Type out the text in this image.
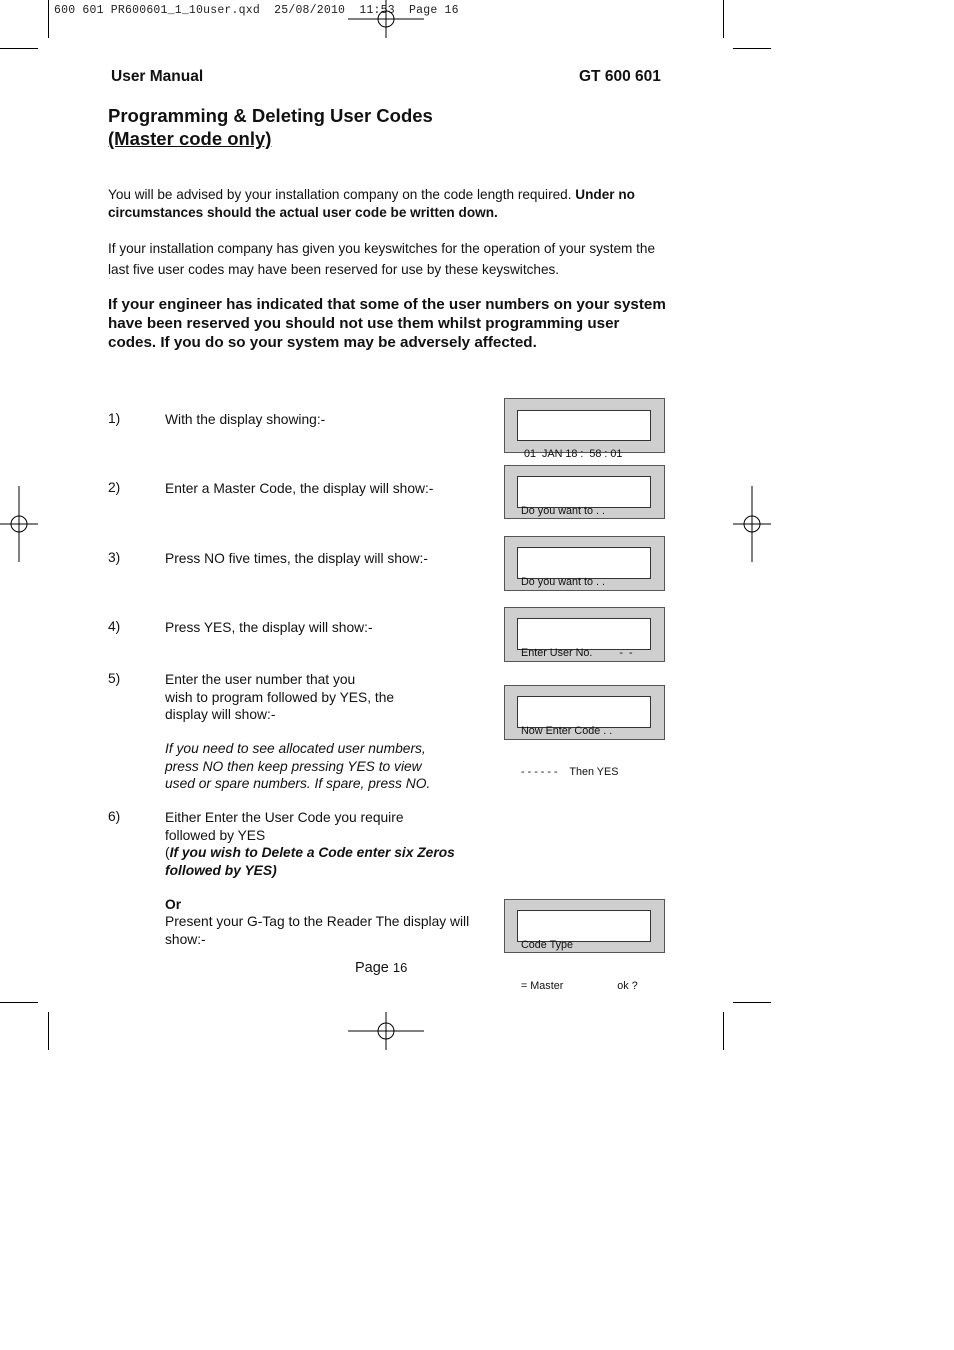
600 601 PR600601_1_10user.qxd  25/08/2010  11:53  Page 16
User Manual	GT 600 601
Programming & Deleting User Codes
(Master code only)
You will be advised by your installation company on the code length required. Under no circumstances should the actual user code be written down.
If your installation company has given you keyswitches for the operation of your system the last five user codes may have been reserved for use by these keyswitches.
If your engineer has indicated that some of the user numbers on your system have been reserved you should not use them whilst programming user codes. If you do so your system may be adversely affected.
1)	With the display showing:-
2)	Enter a Master Code, the display will show:-
3)	Press NO five times, the display will show:-
4)	Press YES, the display will show:-
5)	Enter the user number that you
wish to program followed by YES, the
display will show:-
If you need to see allocated user numbers,
press NO then keep pressing YES to view
used or spare numbers. If spare, press NO.
6)	Either Enter the User Code you require
followed by YES
(If you wish to Delete a Code enter six Zeros
followed by YES)
Or
Present your G-Tag to the Reader The display will
show:-

01  JAN 18 :  58 : 01

Do you want to . .

Do you want to . .

Enter User No.         -  -

Now Enter Code . .

- - - - - -    Then YES

Code Type

= Master                  ok ?

Page 16
